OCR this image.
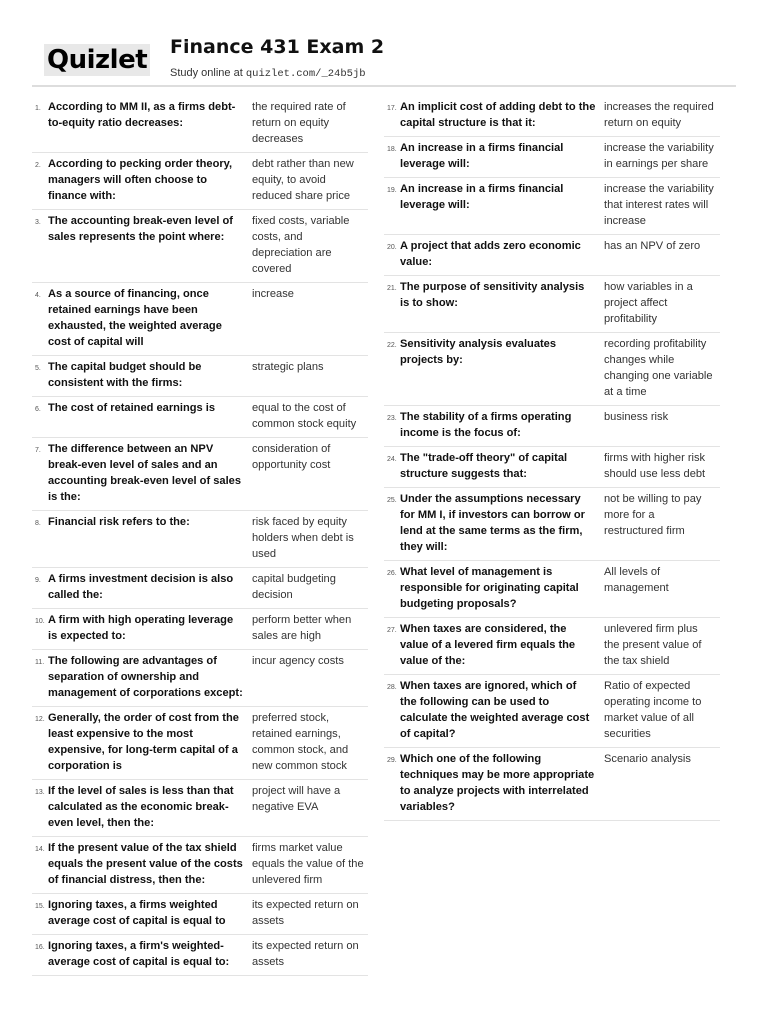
Quizlet Finance 431 Exam 2
Study online at quizlet.com/_24b5jb
1. According to MM II, as a firms debt-to-equity ratio decreases:
the required rate of return on equity decreases
2. According to pecking order theory, managers will often choose to finance with:
debt rather than new equity, to avoid reduced share price
3. The accounting break-even level of sales represents the point where:
fixed costs, variable costs, and depreciation are covered
4. As a source of financing, once retained earnings have been exhausted, the weighted average cost of capital will
increase
5. The capital budget should be consistent with the firms:
strategic plans
6. The cost of retained earnings is	equal to the cost of common stock equity
7. The difference between an NPV break-even level of sales and an accounting break-even level of sales is the:
consideration of opportunity cost
8. Financial risk refers to the:	risk faced by equity holders when debt is used
9. A firms investment decision is also called the:
capital budgeting decision
10. A firm with high operating leverage is expected to:
perform better when sales are high
11. The following are advantages of separation of ownership and management of corporations except:
incur agency costs
12. Generally, the order of cost from the least expensive to the most expensive, for long-term capital of a corporation is
preferred stock, retained earnings, common stock, and new common stock
13. If the level of sales is less than that calculated as the economic break-even level, then the:
project will have a negative EVA
14. If the present value of the tax shield equals the present value of the costs of financial distress, then the:
firms market value equals the value of the unlevered firm
15. Ignoring taxes, a firms weighted average cost of capital is equal to
its expected return on assets
16. Ignoring taxes, a firm's weighted-average cost of capital is equal to:
its expected return on assets
17. An implicit cost of adding debt to the capital structure is that it:
increases the required return on equity
18. An increase in a firms financial leverage will:
increase the variability in earnings per share
19. An increase in a firms financial leverage will:
increase the variability that interest rates will increase
20. A project that adds zero economic value:
has an NPV of zero
21. The purpose of sensitivity analysis is to show:
how variables in a project affect profitability
22. Sensitivity analysis evaluates projects by:
recording profitability changes while changing one variable at a time
23. The stability of a firms operating income is the focus of:
business risk
24. The "trade-off theory" of capital structure suggests that:
firms with higher risk should use less debt
25. Under the assumptions necessary for MM I, if investors can borrow or lend at the same terms as the firm, they will:
not be willing to pay more for a restructured firm
26. What level of management is responsible for originating capital budgeting proposals?
All levels of management
27. When taxes are considered, the value of a levered firm equals the value of the:
unlevered firm plus the present value of the tax shield
28. When taxes are ignored, which of the following can be used to calculate the weighted average cost of capital?
Ratio of expected operating income to market value of all securities
29. Which one of the following techniques may be more appropriate to analyze projects with interrelated variables?
Scenario analysis
